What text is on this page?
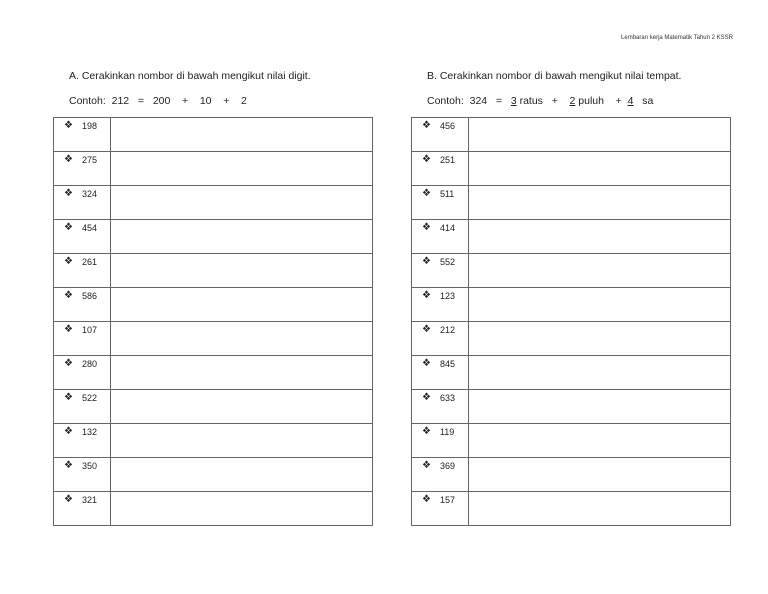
Lembaran kerja Matematik Tahun 2 KSSR
A. Cerakinkan nombor di bawah mengikut nilai digit.
Contoh: 212 = 200 + 10 + 2
❖ 198	

❖ 275	

❖ 324	

❖ 454	

❖ 261	

❖ 586	

❖ 107	

❖ 280	

❖ 522	

❖ 132	

❖ 350	

❖ 321	

B. Cerakinkan nombor di bawah mengikut nilai tempat.
Contoh: 324 = 3 ratus + 2 puluh + 4 sa
❖ 456	

❖ 251	

❖ 511	

❖ 414	

❖ 552	

❖ 123	

❖ 212	

❖ 845	

❖ 633	

❖ 119	

❖ 369	

❖ 157	
